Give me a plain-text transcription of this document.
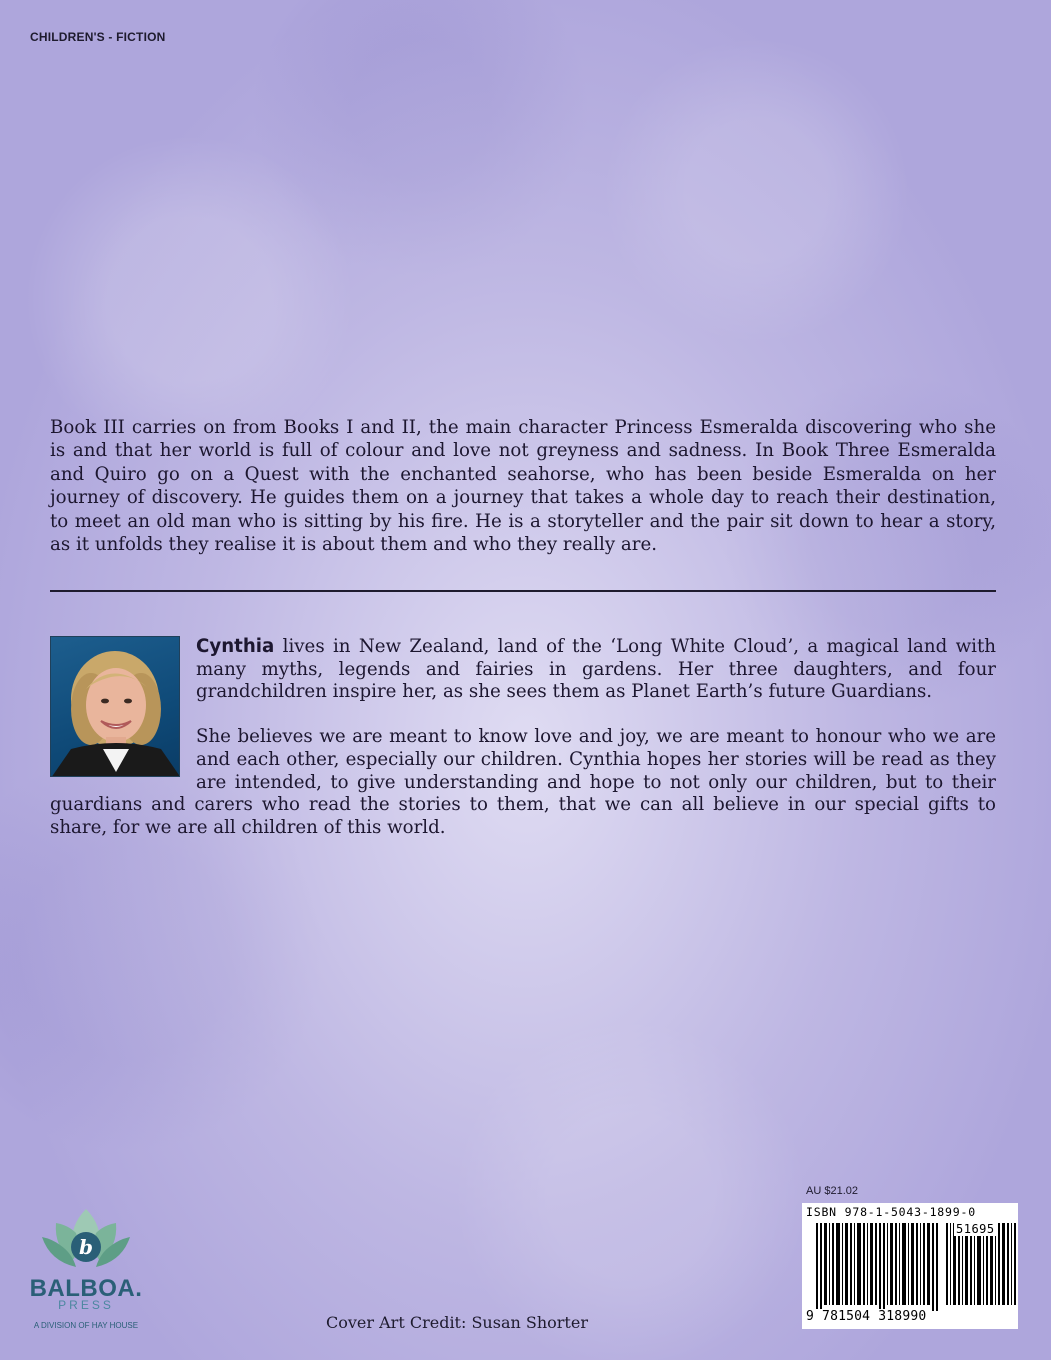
CHILDREN'S - FICTION

Book III carries on from Books I and II, the main character Princess Esmeralda discovering who she is and that her world is full of colour and love not greyness and sadness. In Book Three Esmeralda and Quiro go on a Quest with the enchanted seahorse, who has been beside Esmeralda on her journey of discovery. He guides them on a journey that takes a whole day to reach their destination, to meet an old man who is sitting by his fire. He is a storyteller and the pair sit down to hear a story, as it unfolds they realise it is about them and who they really are.

Cynthia lives in New Zealand, land of the ‘Long White Cloud’, a magical land with many myths, legends and fairies in gardens. Her three daughters, and four grandchildren inspire her, as she sees them as Planet Earth’s future Guardians.

She believes we are meant to know love and joy, we are meant to honour who we are and each other, especially our children. Cynthia hopes her stories will be read as they are intended, to give understanding and hope to not only our children, but to their guardians and carers who read the stories to them, that we can all believe in our special gifts to share, for we are all children of this world.

b
BALBOA.
PRESS
A DIVISION OF HAY HOUSE	Cover Art Credit: Susan Shorter
AU $21.02
ISBN 978-1-5043-1899-0
51695
9 781504 318990
